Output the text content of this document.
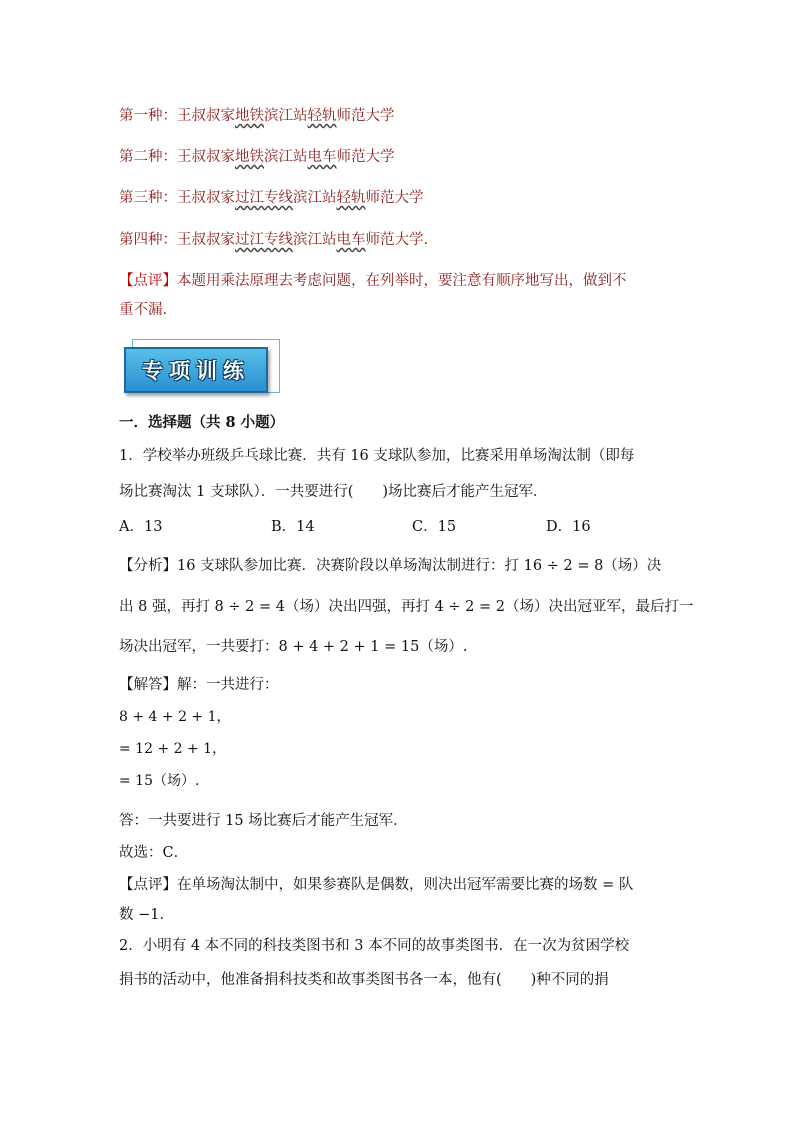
第一种：王叔叔家地铁滨江站轻轨师范大学
第二种：王叔叔家地铁滨江站电车师范大学
第三种：王叔叔家过江专线滨江站轻轨师范大学
第四种：王叔叔家过江专线滨江站电车师范大学.
【点评】本题用乘法原理去考虑问题，在列举时，要注意有顺序地写出，做到不
重不漏.
专项训练
一．选择题（共 8 小题）
1．学校举办班级乒乓球比赛．共有 16 支球队参加，比赛采用单场淘汰制（即每
场比赛淘汰 1 支球队）．一共要进行(　　)场比赛后才能产生冠军．
A．13	B．14	C．15	D．16
【分析】16 支球队参加比赛．决赛阶段以单场淘汰制进行：打 16 ÷ 2 = 8（场）决
出 8 强，再打 8 ÷ 2 = 4（场）决出四强，再打 4 ÷ 2 = 2（场）决出冠亚军，最后打一
场决出冠军，一共要打：8 + 4 + 2 + 1 = 15（场）.
【解答】解：一共进行：
8 + 4 + 2 + 1，
= 12 + 2 + 1，
= 15（场）.
答：一共要进行 15 场比赛后才能产生冠军．
故选：C．
【点评】在单场淘汰制中，如果参赛队是偶数，则决出冠军需要比赛的场数 = 队
数 −1．
2．小明有 4 本不同的科技类图书和 3 本不同的故事类图书．在一次为贫困学校
捐书的活动中，他准备捐科技类和故事类图书各一本，他有(　　)种不同的捐
